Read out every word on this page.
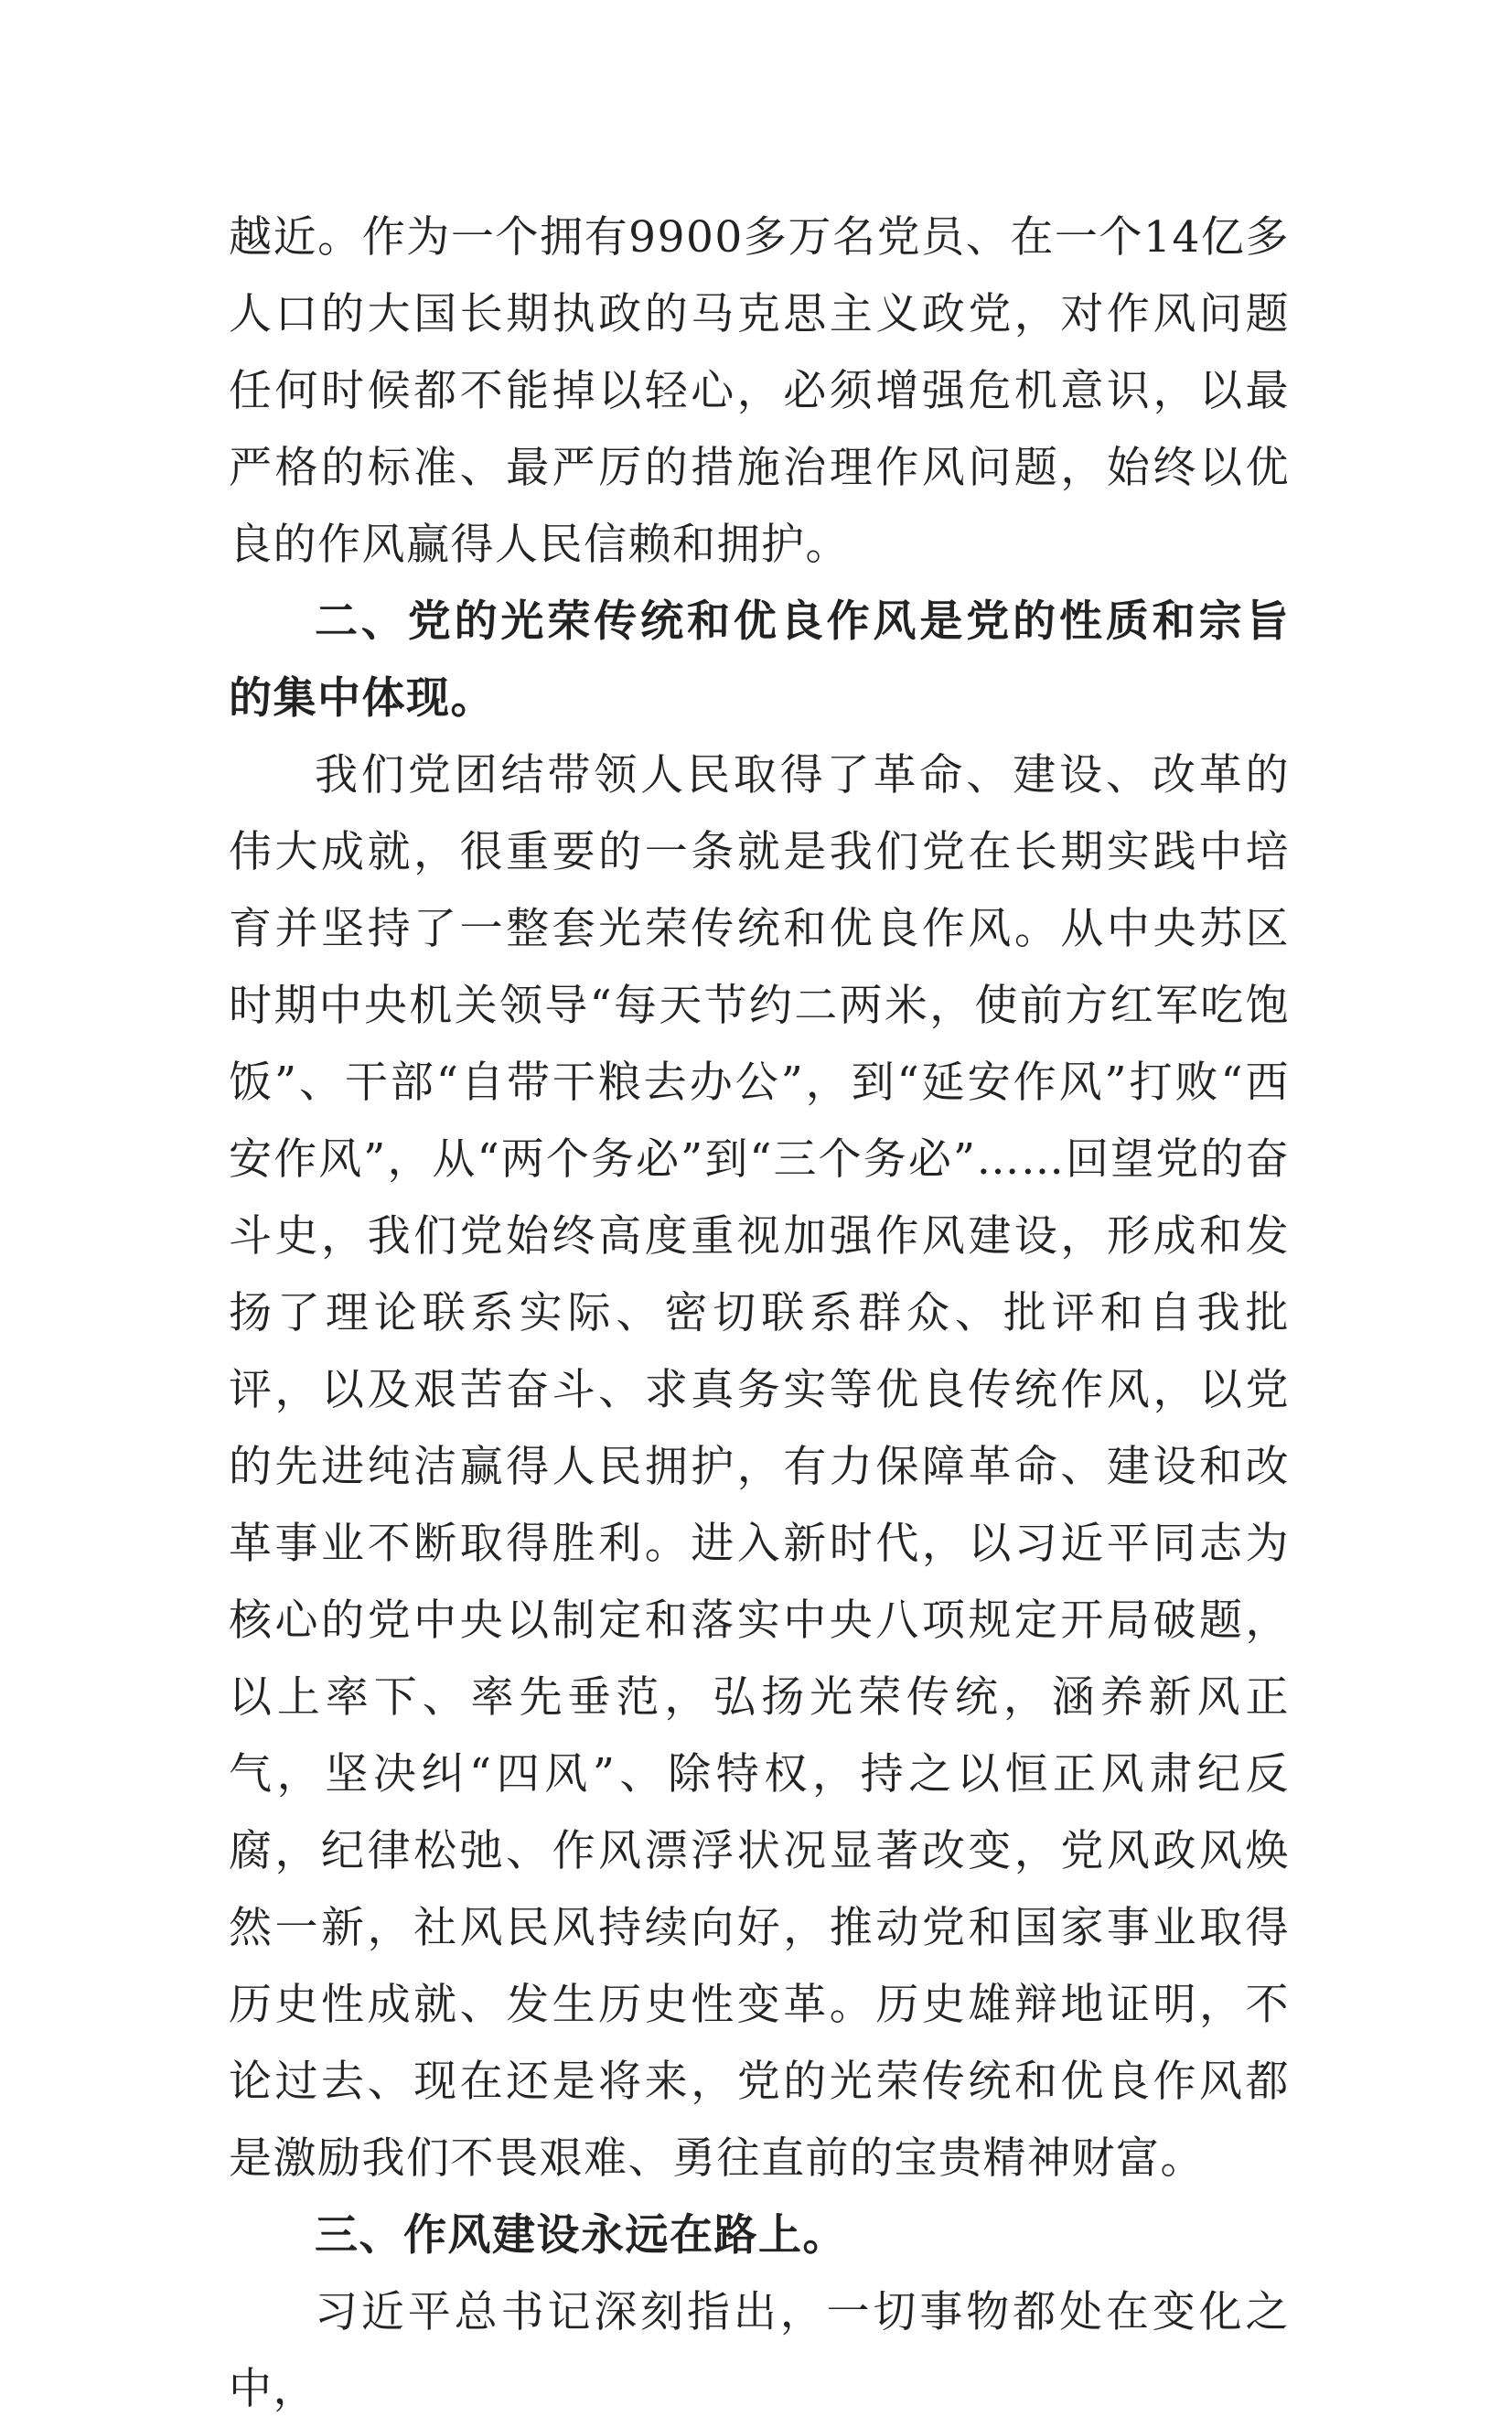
越近。作为一个拥有9900多万名党员、在一个14亿多人口的大国长期执政的马克思主义政党，对作风问题任何时候都不能掉以轻心，必须增强危机意识，以最严格的标准、最严厉的措施治理作风问题，始终以优良的作风赢得人民信赖和拥护。

二、党的光荣传统和优良作风是党的性质和宗旨的集中体现。

我们党团结带领人民取得了革命、建设、改革的伟大成就，很重要的一条就是我们党在长期实践中培育并坚持了一整套光荣传统和优良作风。从中央苏区时期中央机关领导“每天节约二两米，使前方红军吃饱饭”、干部“自带干粮去办公”，到“延安作风”打败“西安作风”，从“两个务必”到“三个务必”……回望党的奋斗史，我们党始终高度重视加强作风建设，形成和发扬了理论联系实际、密切联系群众、批评和自我批评，以及艰苦奋斗、求真务实等优良传统作风，以党的先进纯洁赢得人民拥护，有力保障革命、建设和改革事业不断取得胜利。进入新时代，以习近平同志为核心的党中央以制定和落实中央八项规定开局破题，以上率下、率先垂范，弘扬光荣传统，涵养新风正气，坚决纠“四风”、除特权，持之以恒正风肃纪反腐，纪律松弛、作风漂浮状况显著改变，党风政风焕然一新，社风民风持续向好，推动党和国家事业取得历史性成就、发生历史性变革。历史雄辩地证明，不论过去、现在还是将来，党的光荣传统和优良作风都是激励我们不畏艰难、勇往直前的宝贵精神财富。

三、作风建设永远在路上。

习近平总书记深刻指出，一切事物都处在变化之中，
